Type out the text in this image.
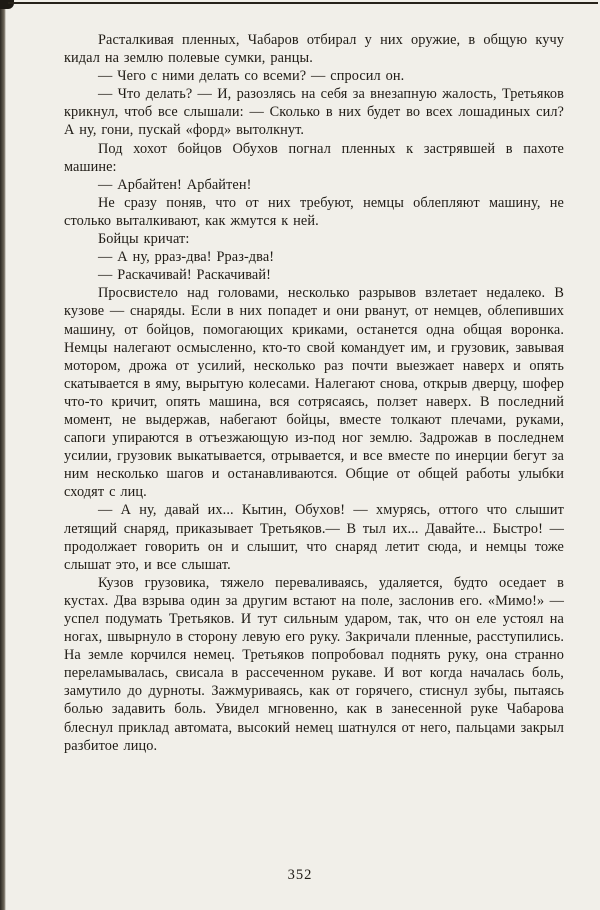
Расталкивая пленных, Чабаров отбирал у них оружие, в общую кучу кидал на землю полевые сумки, ранцы.

— Чего с ними делать со всеми? — спросил он.

— Что делать? — И, разозлясь на себя за внезапную жалость, Третьяков крикнул, чтоб все слышали: — Сколько в них будет во всех лошадиных сил? А ну, гони, пускай «форд» вытолкнут.

Под хохот бойцов Обухов погнал пленных к застрявшей в пахоте машине:

— Арбайтен! Арбайтен!

Не сразу поняв, что от них требуют, немцы облепляют машину, не столько выталкивают, как жмутся к ней.

Бойцы кричат:

— А ну, рраз-два! Рраз-два!

— Раскачивай! Раскачивай!

Просвистело над головами, несколько разрывов взлетает недалеко. В кузове — снаряды. Если в них попадет и они рванут, от немцев, облепивших машину, от бойцов, помогающих криками, останется одна общая воронка. Немцы налегают осмысленно, кто-то свой командует им, и грузовик, завывая мотором, дрожа от усилий, несколько раз почти выезжает наверх и опять скатывается в яму, вырытую колесами. Налегают снова, открыв дверцу, шофер что-то кричит, опять машина, вся сотрясаясь, ползет наверх. В последний момент, не выдержав, набегают бойцы, вместе толкают плечами, руками, сапоги упираются в отъезжающую из-под ног землю. Задрожав в последнем усилии, грузовик выкатывается, отрывается, и все вместе по инерции бегут за ним несколько шагов и останавливаются. Общие от общей работы улыбки сходят с лиц.

— А ну, давай их... Кытин, Обухов! — хмурясь, оттого что слышит летящий снаряд, приказывает Третьяков.— В тыл их... Давайте... Быстро! — продолжает говорить он и слышит, что снаряд летит сюда, и немцы тоже слышат это, и все слышат.

Кузов грузовика, тяжело переваливаясь, удаляется, будто оседает в кустах. Два взрыва один за другим встают на поле, заслонив его. «Мимо!» — успел подумать Третьяков. И тут сильным ударом, так, что он еле устоял на ногах, швырнуло в сторону левую его руку. Закричали пленные, расступились. На земле корчился немец. Третьяков попробовал поднять руку, она странно переламывалась, свисала в рассеченном рукаве. И вот когда началась боль, замутило до дурноты. Зажмуриваясь, как от горячего, стиснул зубы, пытаясь болью задавить боль. Увидел мгновенно, как в занесенной руке Чабарова блеснул приклад автомата, высокий немец шатнулся от него, пальцами закрыл разбитое лицо.

352
